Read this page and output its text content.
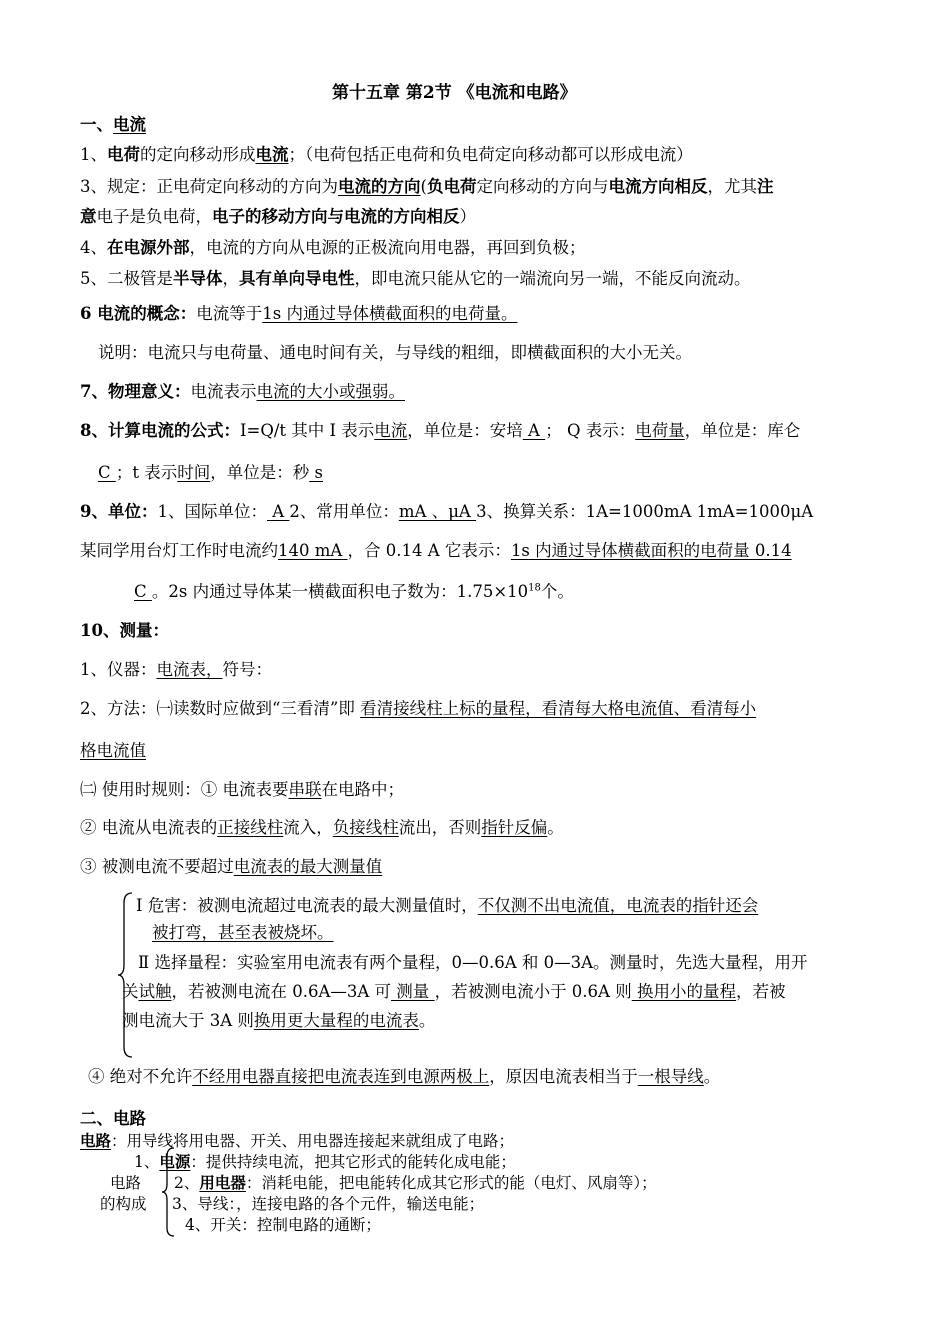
第十五章 第2节 《电流和电路》
一、电流
1、电荷的定向移动形成电流；（电荷包括正电荷和负电荷定向移动都可以形成电流）
3、规定：正电荷定向移动的方向为电流的方向(负电荷定向移动的方向与电流方向相反，尤其注
意电子是负电荷，电子的移动方向与电流的方向相反）
4、在电源外部，电流的方向从电源的正极流向用电器，再回到负极；
5、二极管是半导体，具有单向导电性，即电流只能从它的一端流向另一端，不能反向流动。
6 电流的概念：电流等于1s 内通过导体横截面积的电荷量。
说明：电流只与电荷量、通电时间有关，与导线的粗细，即横截面积的大小无关。
7、物理意义：电流表示电流的大小或强弱。
8、计算电流的公式：I=Q/t 其中 I 表示电流，单位是：安培 A ； Q 表示：电荷量，单位是：库仑
C ；t 表示时间，单位是：秒 s
9、单位：1、国际单位： A 2、常用单位：mA 、μA 3、换算关系：1A=1000mA 1mA=1000μA
某同学用台灯工作时电流约140 mA ，合 0.14 A 它表示：1s 内通过导体横截面积的电荷量 0.14
C 。2s 内通过导体某一横截面积电子数为：$1.75\times 10^{18}$个。
10、测量：
1、仪器：电流表，符号：
2、方法：㈠读数时应做到“三看清”即 看清接线柱上标的量程，看清每大格电流值、看清每小
格电流值
㈡ 使用时规则：① 电流表要串联在电路中；
② 电流从电流表的正接线柱流入，负接线柱流出，否则指针反偏。
③ 被测电流不要超过电流表的最大测量值
Ⅰ 危害：被测电流超过电流表的最大测量值时，不仅测不出电流值，电流表的指针还会
被打弯，甚至表被烧坏。
Ⅱ 选择量程：实验室用电流表有两个量程，0—0.6A 和 0—3A。测量时，先选大量程，用开
关试触，若被测电流在 0.6A—3A 可 测量 ，若被测电流小于 0.6A 则 换用小的量程，若被
测电流大于 3A 则换用更大量程的电流表。
④ 绝对不允许不经用电器直接把电流表连到电源两极上，原因电流表相当于一根导线。
二、电路
电路：用导线将用电器、开关、用电器连接起来就组成了电路；
1、电源：提供持续电流，把其它形式的能转化成电能；
电路 2、用电器：消耗电能，把电能转化成其它形式的能（电灯、风扇等）；
的构成 3、导线：，连接电路的各个元件，输送电能；
4、开关：控制电路的通断；
